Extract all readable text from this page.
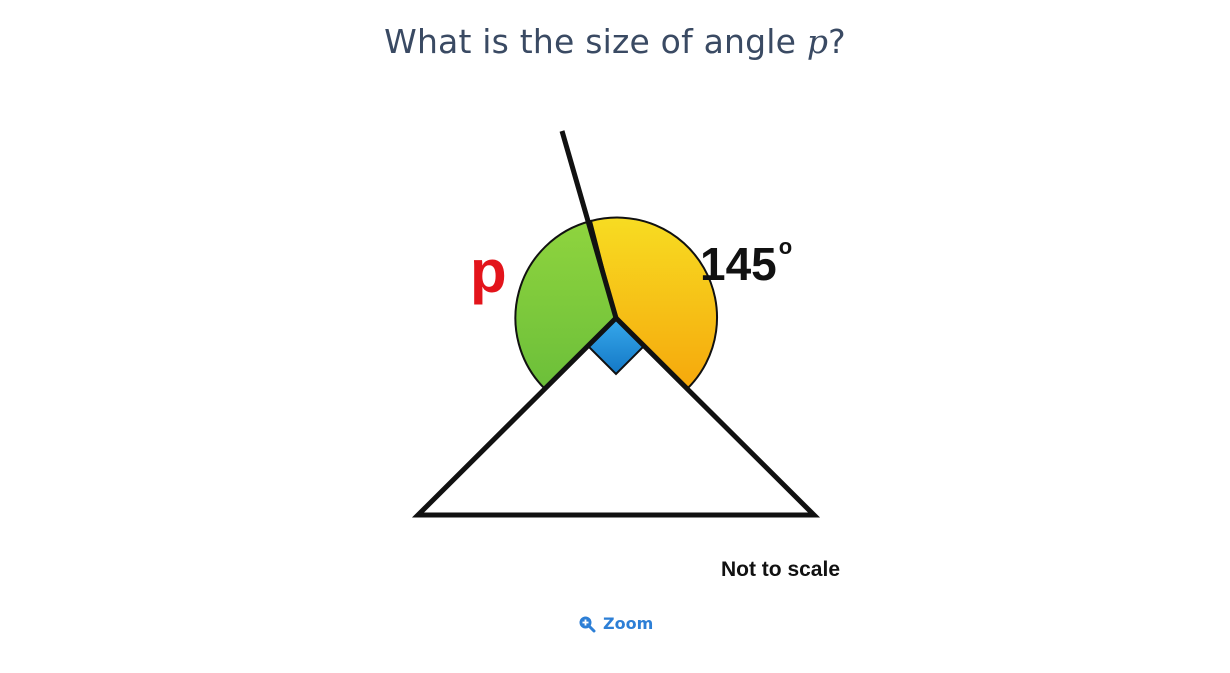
What is the size of angle p?
p	145o
Not to scale
Zoom
